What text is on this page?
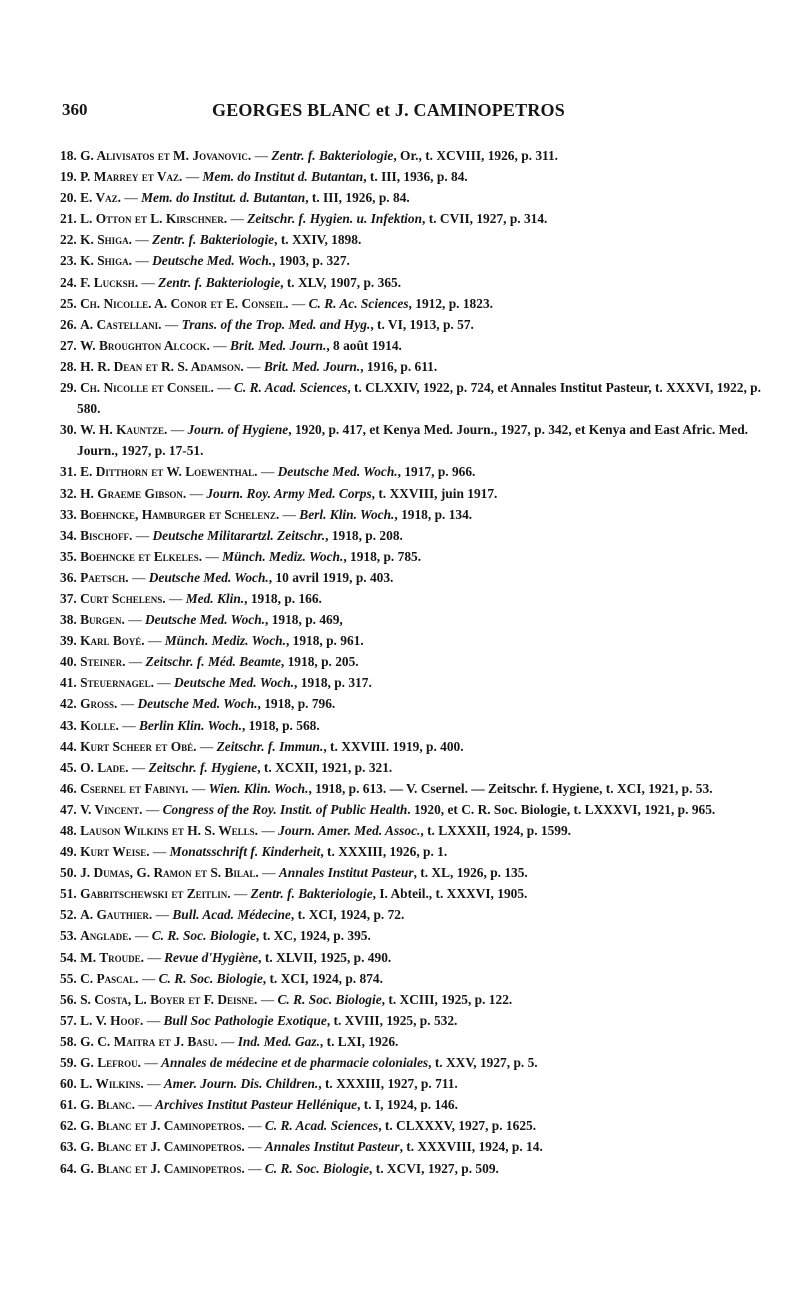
360	GEORGES BLANC et J. CAMINOPETROS
18. G. Alivisatos et M. Jovanovic. — Zentr. f. Bakteriologie, Or., t. XCVIII, 1926, p. 311.
19. P. Marrey et Vaz. — Mem. do Institut d. Butantan, t. III, 1936, p. 84.
20. E. Vaz. — Mem. do Institut. d. Butantan, t. III, 1926, p. 84.
21. L. Otton et L. Kirschner. — Zeitschr. f. Hygien. u. Infektion, t. CVII, 1927, p. 314.
22. K. Shiga. — Zentr. f. Bakteriologie, t. XXIV, 1898.
23. K. Shiga. — Deutsche Med. Woch., 1903, p. 327.
24. F. Lucksh. — Zentr. f. Bakteriologie, t. XLV, 1907, p. 365.
25. Ch. Nicolle. A. Conor et E. Conseil. — C. R. Ac. Sciences, 1912, p. 1823.
26. A. Castellani. — Trans. of the Trop. Med. and Hyg., t. VI, 1913, p. 57.
27. W. Broughton Alcock. — Brit. Med. Journ., 8 août 1914.
28. H. R. Dean et R. S. Adamson. — Brit. Med. Journ., 1916, p. 611.
29. Ch. Nicolle et Conseil. — C. R. Acad. Sciences, t. CLXXIV, 1922, p. 724, et Annales Institut Pasteur, t. XXXVI, 1922, p. 580.
30. W. H. Kauntze. — Journ. of Hygiene, 1920, p. 417, et Kenya Med. Journ., 1927, p. 342, et Kenya and East Afric. Med. Journ., 1927, p. 17-51.
31. E. Ditthorn et W. Loewenthal. — Deutsche Med. Woch., 1917, p. 966.
32. H. Graeme Gibson. — Journ. Roy. Army Med. Corps, t. XXVIII, juin 1917.
33. Boehncke, Hamburger et Schelenz. — Berl. Klin. Woch., 1918, p. 134.
34. Bischoff. — Deutsche Militarartzl. Zeitschr., 1918, p. 208.
35. Boehncke et Elkeles. — Münch. Mediz. Woch., 1918, p. 785.
36. Paetsch. — Deutsche Med. Woch., 10 avril 1919, p. 403.
37. Curt Schelens. — Med. Klin., 1918, p. 166.
38. Burgen. — Deutsche Med. Woch., 1918, p. 469,
39. Karl Boyé. — Münch. Mediz. Woch., 1918, p. 961.
40. Steiner. — Zeitschr. f. Méd. Beamte, 1918, p. 205.
41. Steuernagel. — Deutsche Med. Woch., 1918, p. 317.
42. Gross. — Deutsche Med. Woch., 1918, p. 796.
43. Kolle. — Berlin Klin. Woch., 1918, p. 568.
44. Kurt Scheer et Obé. — Zeitschr. f. Immun., t. XXVIII. 1919, p. 400.
45. O. Lade. — Zeitschr. f. Hygiene, t. XCXII, 1921, p. 321.
46. Csernel et Fabinyi. — Wien. Klin. Woch., 1918, p. 613. — V. Csernel. — Zeitschr. f. Hygiene, t. XCI, 1921, p. 53.
47. V. Vincent. — Congress of the Roy. Instit. of Public Health. 1920, et C. R. Soc. Biologie, t. LXXXVI, 1921, p. 965.
48. Lauson Wilkins et H. S. Wells. — Journ. Amer. Med. Assoc., t. LXXXII, 1924, p. 1599.
49. Kurt Weise. — Monatsschrift f. Kinderheit, t. XXXIII, 1926, p. 1.
50. J. Dumas, G. Ramon et S. Bilal. — Annales Institut Pasteur, t. XL, 1926, p. 135.
51. Gabritschewski et Zeitlin. — Zentr. f. Bakteriologie, I. Abteil., t. XXXVI, 1905.
52. A. Gauthier. — Bull. Acad. Médecine, t. XCI, 1924, p. 72.
53. Anglade. — C. R. Soc. Biologie, t. XC, 1924, p. 395.
54. M. Troude. — Revue d'Hygiène, t. XLVII, 1925, p. 490.
55. C. Pascal. — C. R. Soc. Biologie, t. XCI, 1924, p. 874.
56. S. Costa, L. Boyer et F. Deisne. — C. R. Soc. Biologie, t. XCIII, 1925, p. 122.
57. L. V. Hoof. — Bull Soc Pathologie Exotique, t. XVIII, 1925, p. 532.
58. G. C. Maitra et J. Basu. — Ind. Med. Gaz., t. LXI, 1926.
59. G. Lefrou. — Annales de médecine et de pharmacie coloniales, t. XXV, 1927, p. 5.
60. L. Wilkins. — Amer. Journ. Dis. Children., t. XXXIII, 1927, p. 711.
61. G. Blanc. — Archives Institut Pasteur Hellénique, t. I, 1924, p. 146.
62. G. Blanc et J. Caminopetros. — C. R. Acad. Sciences, t. CLXXXV, 1927, p. 1625.
63. G. Blanc et J. Caminopetros. — Annales Institut Pasteur, t. XXXVIII, 1924, p. 14.
64. G. Blanc et J. Caminopetros. — C. R. Soc. Biologie, t. XCVI, 1927, p. 509.
